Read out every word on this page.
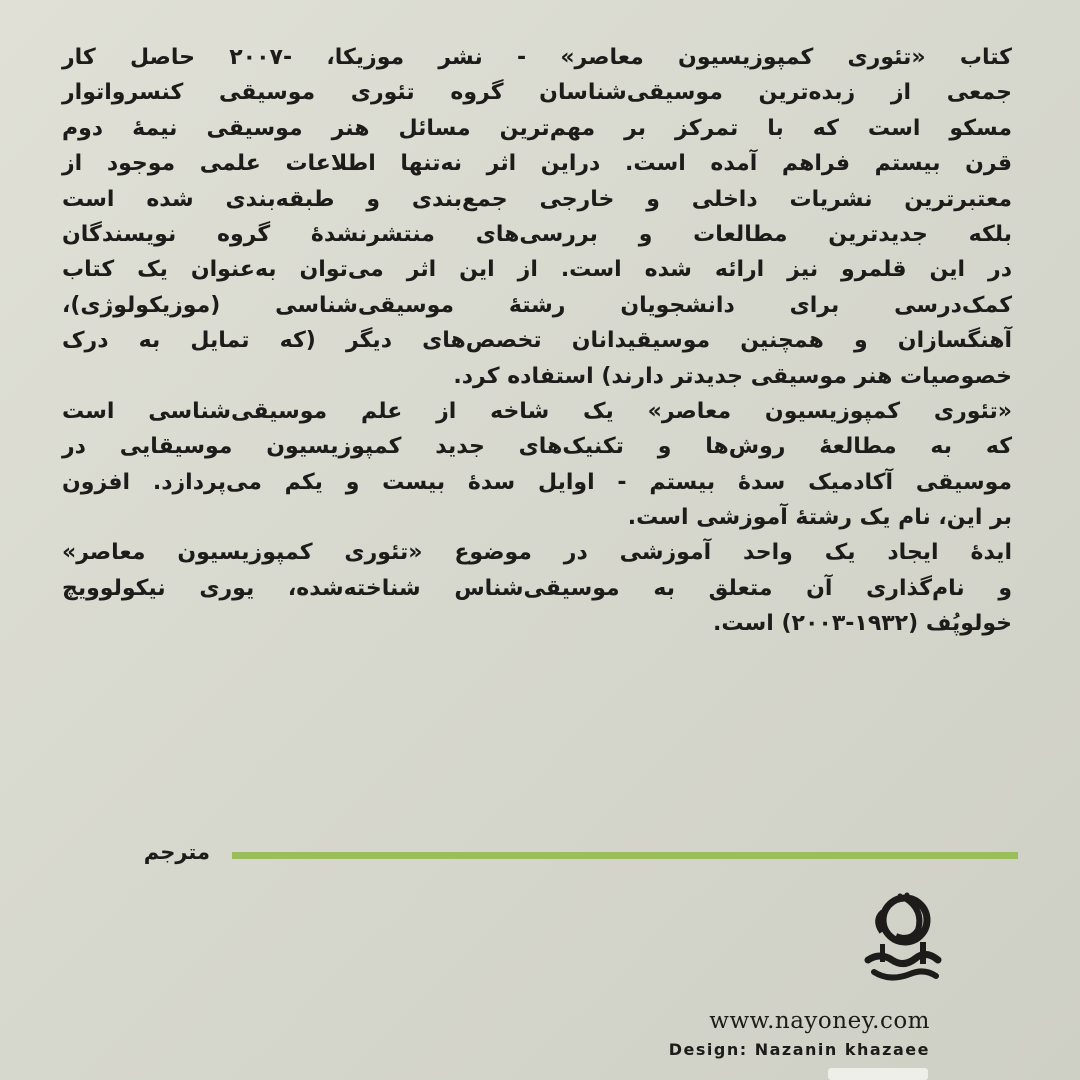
کتاب «تئوری کمپوزیسیون معاصر» - نشر موزیکا، -۲۰۰۷ حاصل کار
جمعی از زبده‌ترین موسیقی‌شناسان گروه تئوری موسیقی کنسرواتوار
مسکو است که با تمرکز بر مهم‌ترین مسائل هنر موسیقی نیمهٔ دوم
قرن بیستم فراهم آمده است. دراین اثر نه‌تنها اطلاعات علمی موجود از
معتبرترین نشریات داخلی و خارجی جمع‌بندی و طبقه‌بندی شده است
بلکه جدیدترین مطالعات و بررسی‌های منتشرنشدهٔ گروه نویسندگان
در این قلمرو نیز ارائه شده است. از این اثر می‌توان به‌عنوان یک کتاب
کمک‌درسی برای دانشجویان رشتهٔ موسیقی‌شناسی (موزیکولوژی)،
آهنگسازان و همچنین موسیقیدانان تخصص‌های دیگر (که تمایل به درک
خصوصیات هنر موسیقی جدیدتر دارند) استفاده کرد.
«تئوری کمپوزیسیون معاصر» یک شاخه از علم موسیقی‌شناسی است
که به مطالعهٔ روش‌ها و تکنیک‌های جدید کمپوزیسیون موسیقایی در
موسیقی آکادمیک سدهٔ بیستم - اوایل سدهٔ بیست و یکم می‌پردازد. افزون
بر این، نام یک رشتهٔ آموزشی است.
ایدهٔ ایجاد یک واحد آموزشی در موضوع «تئوری کمپوزیسیون معاصر»
و نام‌گذاری آن متعلق به موسیقی‌شناس شناخته‌شده، یوری نیکولوویچ
خولوپُف (۱۹۳۲-۲۰۰۳) است.
مترجم
www.nayoney.com
Design: Nazanin khazaee
